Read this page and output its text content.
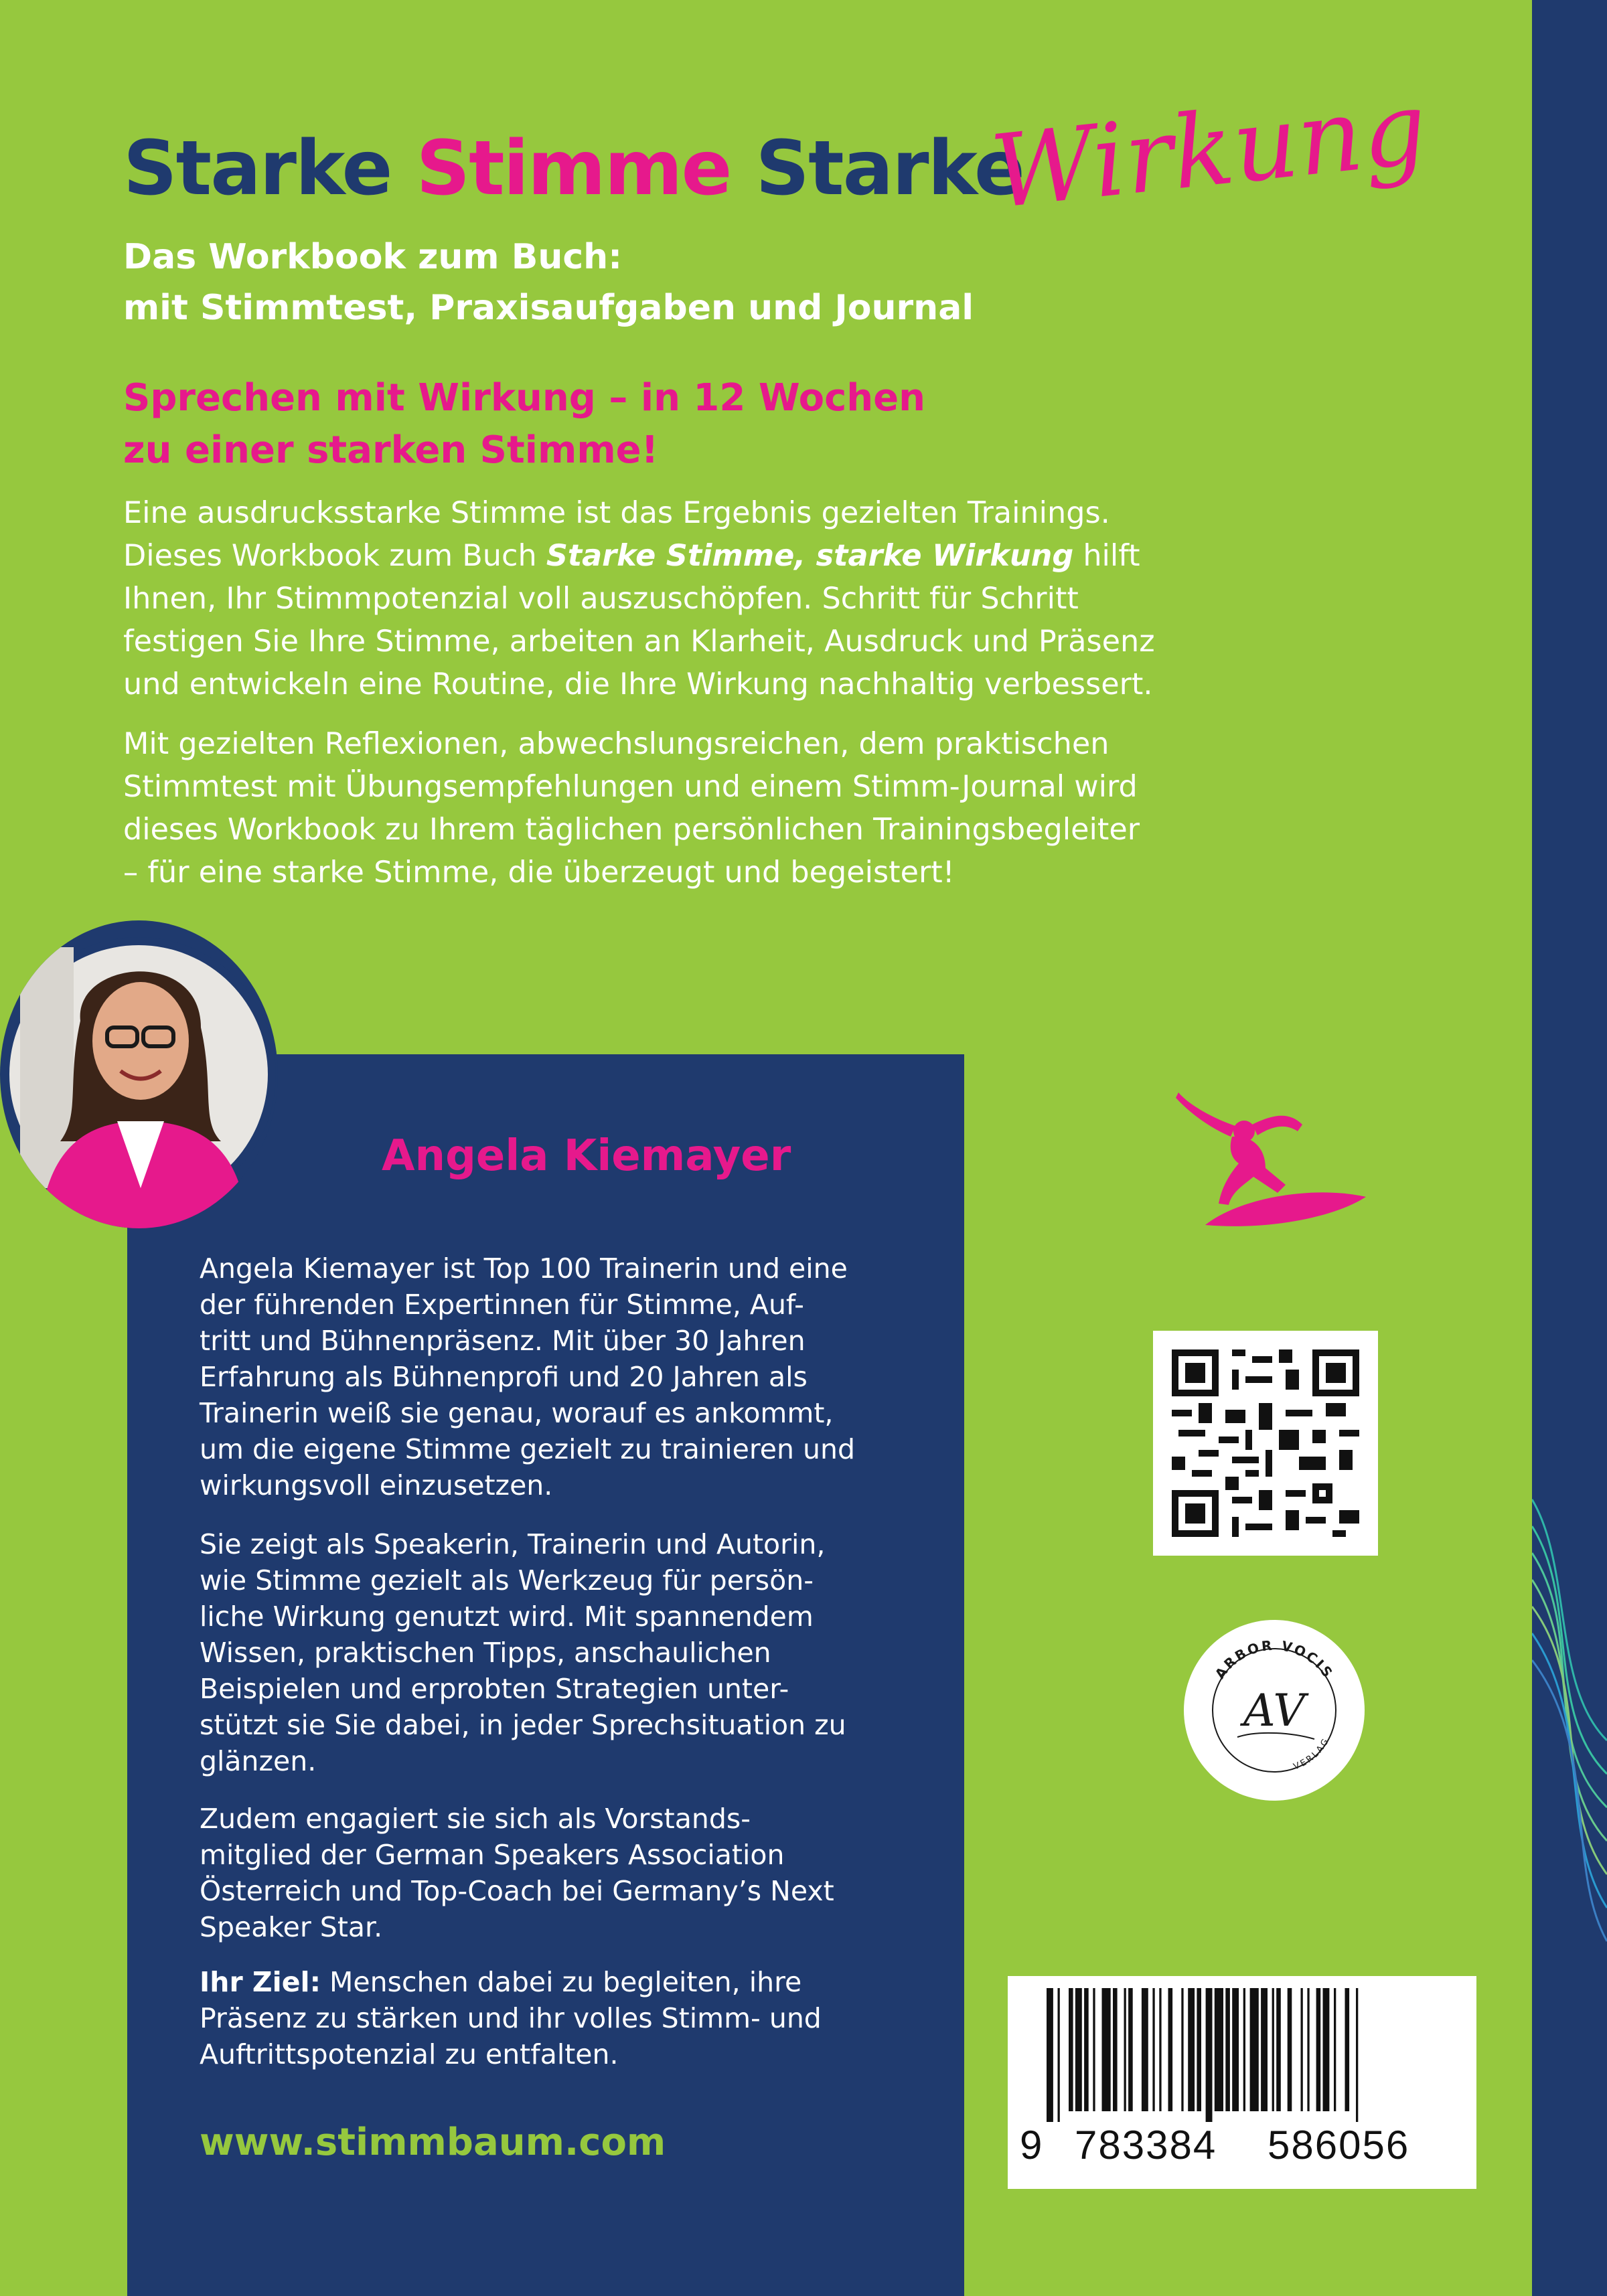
Starke Stimme Starke
Wirkung
Das Workbook zum Buch:
mit Stimmtest, Praxisaufgaben und Journal
Sprechen mit Wirkung – in 12 Wochen
zu einer starken Stimme!
Eine ausdrucksstarke Stimme ist das Ergebnis gezielten Trainings.
Dieses Workbook zum Buch Starke Stimme, starke Wirkung hilft
Ihnen, Ihr Stimmpotenzial voll auszuschöpfen. Schritt für Schritt
festigen Sie Ihre Stimme, arbeiten an Klarheit, Ausdruck und Präsenz
und entwickeln eine Routine, die Ihre Wirkung nachhaltig verbessert.
Mit gezielten Reflexionen, abwechslungsreichen, dem praktischen
Stimmtest mit Übungsempfehlungen und einem Stimm-Journal wird
dieses Workbook zu Ihrem täglichen persönlichen Trainingsbegleiter
– für eine starke Stimme, die überzeugt und begeistert!
Angela Kiemayer
Angela Kiemayer ist Top 100 Trainerin und eine
der führenden Expertinnen für Stimme, Auf-
tritt und Bühnenpräsenz. Mit über 30 Jahren
Erfahrung als Bühnenprofi und 20 Jahren als
Trainerin weiß sie genau, worauf es ankommt,
um die eigene Stimme gezielt zu trainieren und
wirkungsvoll einzusetzen.
Sie zeigt als Speakerin, Trainerin und Autorin,
wie Stimme gezielt als Werkzeug für persön-
liche Wirkung genutzt wird. Mit spannendem
Wissen, praktischen Tipps, anschaulichen
Beispielen und erprobten Strategien unter-
stützt sie Sie dabei, in jeder Sprechsituation zu
glänzen.
Zudem engagiert sie sich als Vorstands-
mitglied der German Speakers Association
Österreich und Top-Coach bei Germany’s Next
Speaker Star.
Ihr Ziel: Menschen dabei zu begleiten, ihre
Präsenz zu stärken und ihr volles Stimm- und
Auftrittspotenzial zu entfalten.
www.stimmbaum.com
ARBOR VOCIS
VERLAG
AV
9 783384 586056
